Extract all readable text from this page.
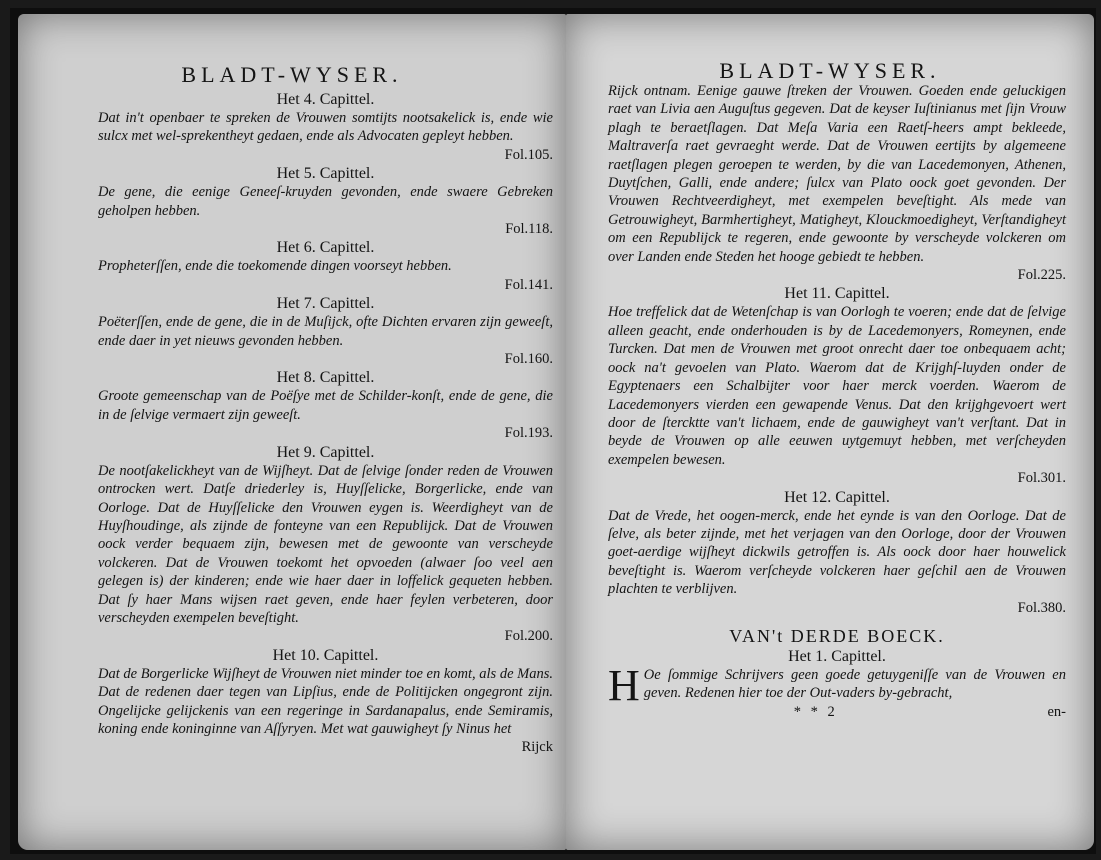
BLADT-WYSER.
Het 4. Capittel.

Dat in't openbaer te spreken de Vrouwen somtijts nootsakelick is, ende wie sulcx met wel-sprekentheyt gedaen, ende als Advocaten gepleyt hebben.

Fol.105.

Het 5. Capittel.

De gene, die eenige Geneeſ-kruyden gevonden, ende swaere Gebreken geholpen hebben.

Fol.118.

Het 6. Capittel.

Propheterſſen, ende die toekomende dingen voorseyt hebben.

Fol.141.

Het 7. Capittel.

Poëterſſen, ende de gene, die in de Muſijck, ofte Dichten ervaren zijn geweeſt, ende daer in yet nieuws gevonden hebben.

Fol.160.

Het 8. Capittel.

Groote gemeenschap van de Poëſye met de Schilder-konſt, ende de gene, die in de ſelvige vermaert zijn geweeſt.

Fol.193.

Het 9. Capittel.

De nootſakelickheyt van de Wijſheyt. Dat de ſelvige ſonder reden de Vrouwen ontrocken wert. Datſe driederley is, Huyſſelicke, Borgerlicke, ende van Oorloge. Dat de Huyſſelicke den Vrouwen eygen is. Weerdigheyt van de Huyſhoudinge, als zijnde de fonteyne van een Republijck. Dat de Vrouwen oock verder bequaem zijn, bewesen met de gewoonte van verscheyde volckeren. Dat de Vrouwen toekomt het opvoeden (alwaer ſoo veel aen gelegen is) der kinderen; ende wie haer daer in loffelick gequeten hebben. Dat ſy haer Mans wijsen raet geven, ende haer feylen verbeteren, door verscheyden exempelen beveſtight.

Fol.200.

Het 10. Capittel.

Dat de Borgerlicke Wijſheyt de Vrouwen niet minder toe en komt, als de Mans. Dat de redenen daer tegen van Lipſius, ende de Politijcken ongegront zijn. Ongelijcke gelijckenis van een regeringe in Sardanapalus, ende Semiramis, koning ende koninginne van Aſſyryen. Met wat gauwigheyt ſy Ninus het

Rijck
BLADT-WYSER.

Rijck ontnam. Eenige gauwe ſtreken der Vrouwen. Goeden ende geluckigen raet van Livia aen Auguſtus gegeven. Dat de keyser Iuſtinianus met ſijn Vrouw plagh te beraetſlagen. Dat Meſa Varia een Raetſ-heers ampt bekleede, Maltraverſa raet gevraeght werde. Dat de Vrouwen eertijts by algemeene raetſlagen plegen geroepen te werden, by die van Lacedemonyen, Athenen, Duytſchen, Galli, ende andere; ſulcx van Plato oock goet gevonden. Der Vrouwen Rechtveerdigheyt, met exempelen beveſtight. Als mede van Getrouwigheyt, Barmhertigheyt, Matigheyt, Klouckmoedigheyt, Verſtandigheyt om een Republijck te regeren, ende gewoonte by verscheyde volckeren om over Landen ende Steden het hooge gebiedt te hebben.

Fol.225.

Het 11. Capittel.

Hoe treffelick dat de Wetenſchap is van Oorlogh te voeren; ende dat de ſelvige alleen geacht, ende onderhouden is by de Lacedemonyers, Romeynen, ende Turcken. Dat men de Vrouwen met groot onrecht daer toe onbequaem acht; oock na't gevoelen van Plato. Waerom dat de Krijghſ-luyden onder de Egyptenaers een Schalbijter voor haer merck voerden. Waerom de Lacedemonyers vierden een gewapende Venus. Dat den krijghgevoert wert door de ſtercktte van't lichaem, ende de gauwigheyt van't verſtant. Dat in beyde de Vrouwen op alle eeuwen uytgemuyt hebben, met verſcheyden exempelen bewesen.

Fol.301.

Het 12. Capittel.

Dat de Vrede, het oogen-merck, ende het eynde is van den Oorloge. Dat de ſelve, als beter zijnde, met het verjagen van den Oorloge, door der Vrouwen goet-aerdige wijſheyt dickwils getroffen is. Als oock door haer houwelick beveſtight is. Waerom verſcheyde volckeren haer geſchil aen de Vrouwen plachten te verblijven.

Fol.380.

VAN't DERDE BOECK.
Het 1. Capittel.

H Oe ſommige Schrijvers geen goede getuygeniſſe van de Vrouwen en geven. Redenen hier toe der Out-vaders by-gebracht,

* * 2	en-
